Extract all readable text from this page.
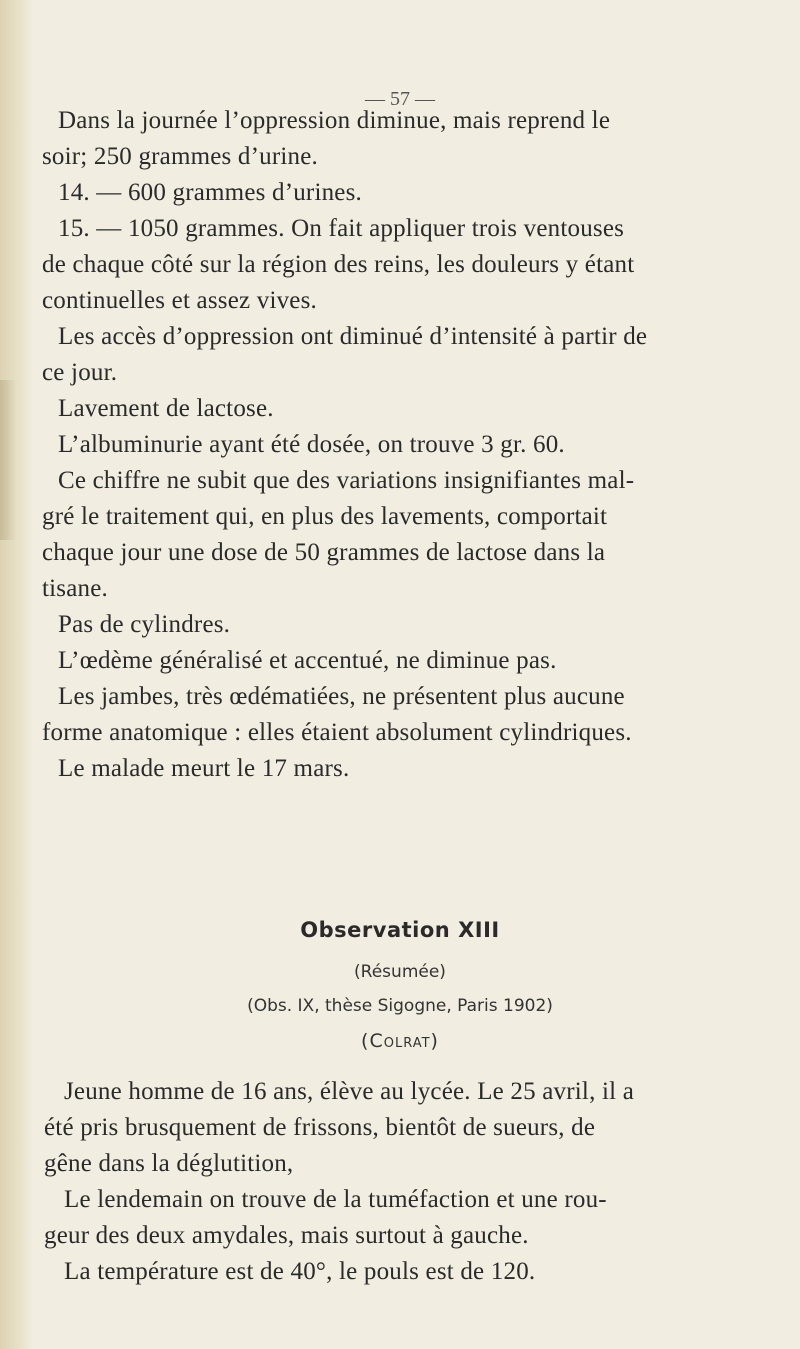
— 57 —

Dans la journée l’oppression diminue, mais reprend le

soir; 250 grammes d’urine.

14. — 600 grammes d’urines.

15. — 1050 grammes. On fait appliquer trois ventouses

de chaque côté sur la région des reins, les douleurs y étant

continuelles et assez vives.

Les accès d’oppression ont diminué d’intensité à partir de

ce jour.

Lavement de lactose.

L’albuminurie ayant été dosée, on trouve 3 gr. 60.

Ce chiffre ne subit que des variations insignifiantes mal-

gré le traitement qui, en plus des lavements, comportait

chaque jour une dose de 50 grammes de lactose dans la

tisane.

Pas de cylindres.

L’œdème généralisé et accentué, ne diminue pas.

Les jambes, très œdématiées, ne présentent plus aucune

forme anatomique : elles étaient absolument cylindriques.

Le malade meurt le 17 mars.

Observation XIII
(Résumée)
(Obs. IX, thèse Sigogne, Paris 1902)
(Colrat)

Jeune homme de 16 ans, élève au lycée. Le 25 avril, il a

été pris brusquement de frissons, bientôt de sueurs, de

gêne dans la déglutition,

Le lendemain on trouve de la tuméfaction et une rou-

geur des deux amydales, mais surtout à gauche.

La température est de 40°, le pouls est de 120.
